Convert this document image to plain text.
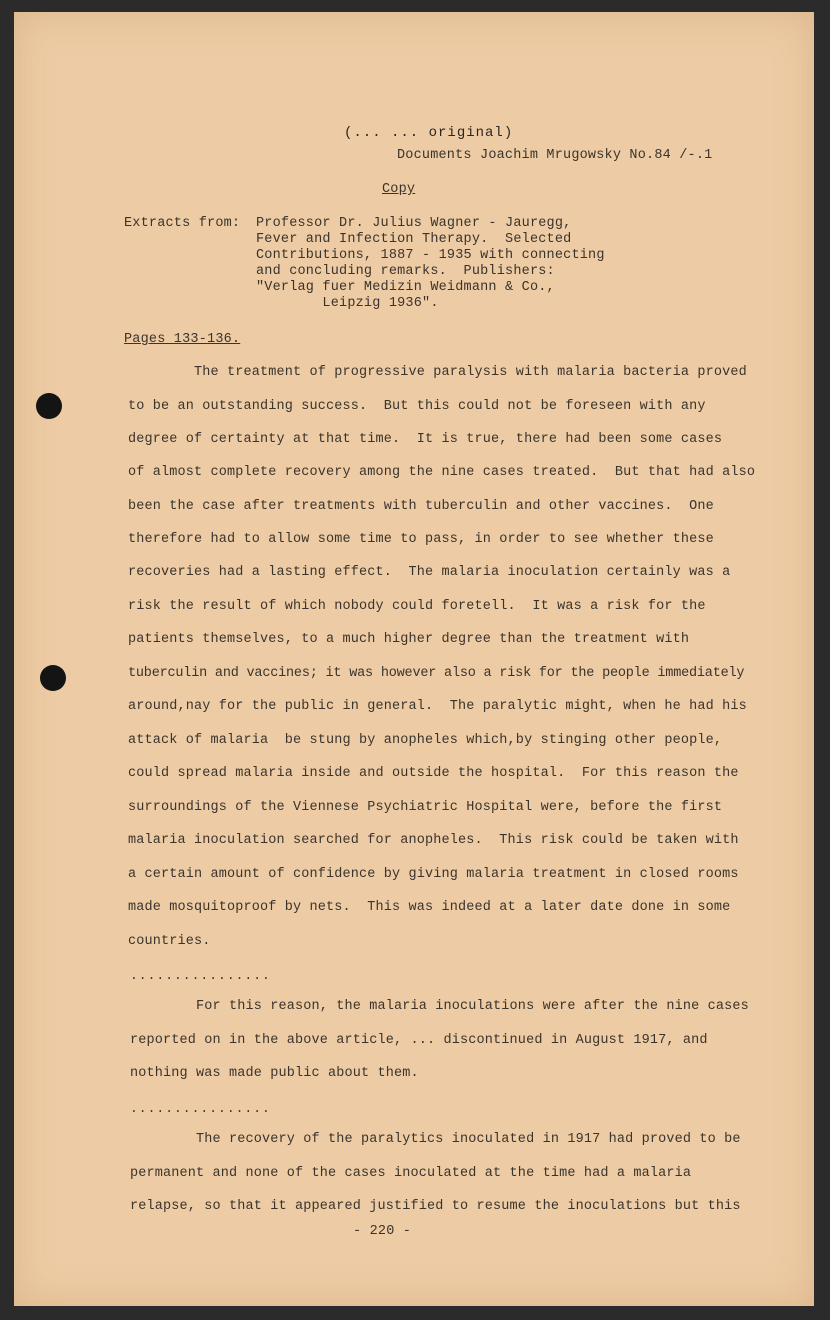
(... ... original)
Documents Joachim Mrugowsky No.84 /-.1
Copy
Extracts from: Professor Dr. Julius Wagner - Jauregg,
Fever and Infection Therapy.  Selected
Contributions, 1887 - 1935 with connecting
and concluding remarks.  Publishers:
"Verlag fuer Medizin Weidmann & Co.,
Leipzig 1936".
Pages 133-136.
The treatment of progressive paralysis with malaria bacteria proved
to be an outstanding success.  But this could not be foreseen with any
degree of certainty at that time.  It is true, there had been some cases
of almost complete recovery among the nine cases treated.  But that had also
been the case after treatments with tuberculin and other vaccines.  One
therefore had to allow some time to pass, in order to see whether these
recoveries had a lasting effect.  The malaria inoculation certainly was a
risk the result of which nobody could foretell.  It was a risk for the
patients themselves, to a much higher degree than the treatment with
tuberculin and vaccines; it was however also a risk for the people immediately
around,nay for the public in general.  The paralytic might, when he had his
attack of malaria  be stung by anopheles which,by stinging other people,
could spread malaria inside and outside the hospital.  For this reason the
surroundings of the Viennese Psychiatric Hospital were, before the first
malaria inoculation searched for anopheles.  This risk could be taken with
a certain amount of confidence by giving malaria treatment in closed rooms
made mosquitoproof by nets.  This was indeed at a later date done in some
countries.
................
For this reason, the malaria inoculations were after the nine cases
reported on in the above article, ... discontinued in August 1917, and
nothing was made public about them.
................
The recovery of the paralytics inoculated in 1917 had proved to be
permanent and none of the cases inoculated at the time had a malaria
relapse, so that it appeared justified to resume the inoculations but this
- 220 -
